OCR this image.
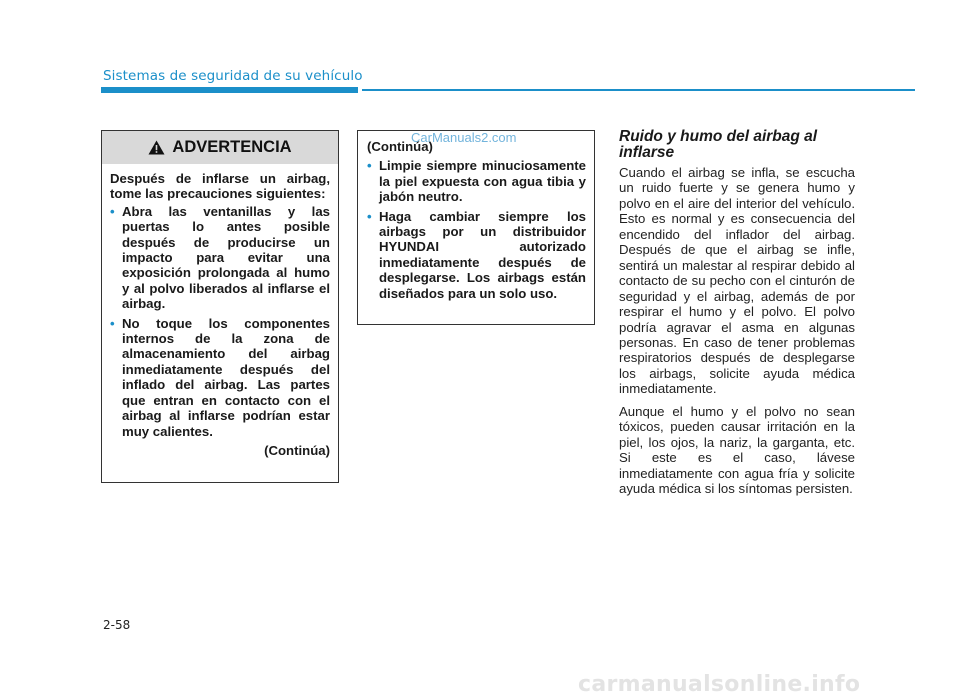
Sistemas de seguridad de su vehículo
ADVERTENCIA

Después de inflarse un airbag, tome las precauciones siguientes:

• Abra las ventanillas y las puertas lo antes posible después de producirse un impacto para evitar una exposición prolongada al humo y al polvo liberados al inflarse el airbag.
• No toque los componentes internos de la zona de almacenamiento del airbag inmediatamente después del inflado del airbag. Las partes que entran en contacto con el airbag al inflarse podrían estar muy calientes.
(Continúa)
(Continúa)
• Limpie siempre minuciosamente la piel expuesta con agua tibia y jabón neutro.
• Haga cambiar siempre los airbags por un distribuidor HYUNDAI autorizado inmediatamente después de desplegarse. Los airbags están diseñados para un solo uso.
CarManuals2.com	Ruido y humo del airbag al inflarse

Cuando el airbag se infla, se escucha un ruido fuerte y se genera humo y polvo en el aire del interior del vehículo. Esto es normal y es consecuencia del encendido del inflador del airbag. Después de que el airbag se infle, sentirá un malestar al respirar debido al contacto de su pecho con el cinturón de seguridad y el airbag, además de por respirar el humo y el polvo. El polvo podría agravar el asma en algunas personas. En caso de tener problemas respiratorios después de desplegarse los airbags, solicite ayuda médica inmediatamente.

Aunque el humo y el polvo no sean tóxicos, pueden causar irritación en la piel, los ojos, la nariz, la garganta, etc. Si este es el caso, lávese inmediatamente con agua fría y solicite ayuda médica si los síntomas persisten.

2-58
carmanualsonline.info
